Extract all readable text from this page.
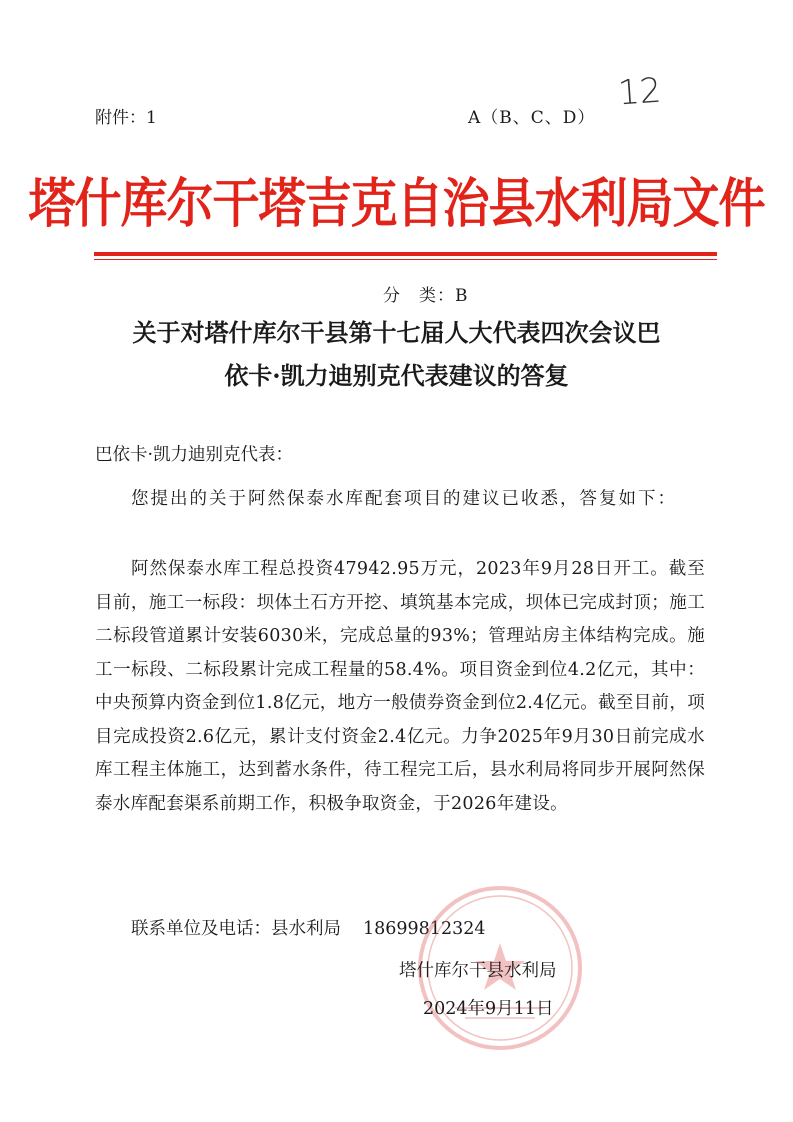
附件：1	A（B、C、D）
12
塔什库尔干塔吉克自治县水利局文件
分　类：B
关于对塔什库尔干县第十七届人大代表四次会议巴
依卡·凯力迪别克代表建议的答复
巴依卡·凯力迪别克代表：

您提出的关于阿然保泰水库配套项目的建议已收悉，答复如下：

阿然保泰水库工程总投资47942.95万元，2023年9月28日开工。截至目前，施工一标段：坝体土石方开挖、填筑基本完成，坝体已完成封顶；施工二标段管道累计安装6030米，完成总量的93%；管理站房主体结构完成。施工一标段、二标段累计完成工程量的58.4%。项目资金到位4.2亿元，其中：中央预算内资金到位1.8亿元，地方一般债券资金到位2.4亿元。截至目前，项目完成投资2.6亿元，累计支付资金2.4亿元。力争2025年9月30日前完成水库工程主体施工，达到蓄水条件，待工程完工后，县水利局将同步开展阿然保泰水库配套渠系前期工作，积极争取资金，于2026年建设。

联系单位及电话：县水利局 18699812324
塔什库尔干县水利局
2024年9月11日
